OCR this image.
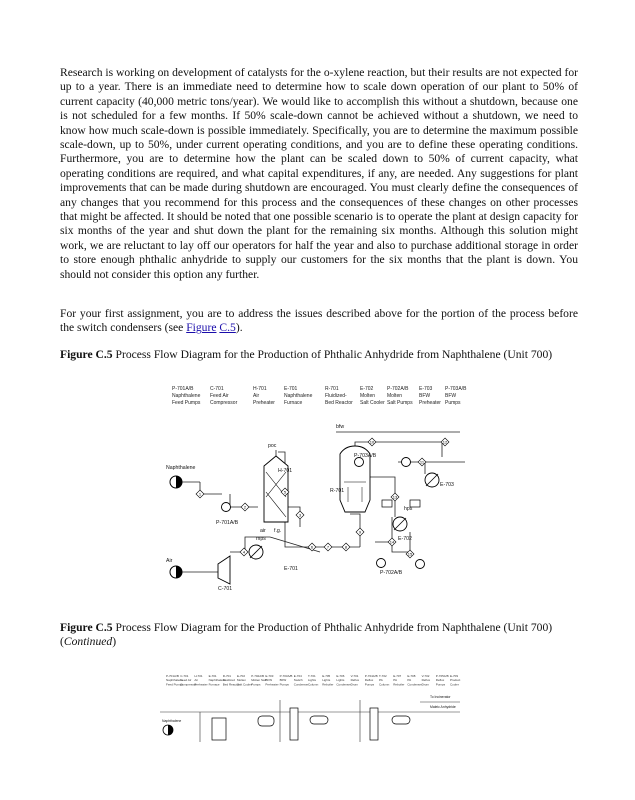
Research is working on development of catalysts for the o-xylene reaction, but their results are not expected for up to a year. There is an immediate need to determine how to scale down operation of our plant to 50% of current capacity (40,000 metric tons/year). We would like to accomplish this without a shutdown, because one is not scheduled for a few months. If 50% scale-down cannot be achieved without a shutdown, we need to know how much scale-down is possible immediately. Specifically, you are to determine the maximum possible scale-down, up to 50%, under current operating conditions, and you are to define these operating conditions. Furthermore, you are to determine how the plant can be scaled down to 50% of current capacity, what operating conditions are required, and what capital expenditures, if any, are needed. Any suggestions for plant improvements that can be made during shutdown are encouraged. You must clearly define the consequences of any changes that you recommend for this process and the consequences of these changes on other processes that might be affected. It should be noted that one possible scenario is to operate the plant at design capacity for six months of the year and shut down the plant for the remaining six months. Although this solution might work, we are reluctant to lay off our operators for half the year and also to purchase additional storage in order to store enough phthalic anhydride to supply our customers for the six months that the plant is down. You should not consider this option any further.

For your first assignment, you are to address the issues described above for the portion of the process before the switch condensers (see Figure C.5).

Figure C.5 Process Flow Diagram for the Production of Phthalic Anhydride from Naphthalene (Unit 700)

P-701A/B
Naphthalene
Feed Pumps
C-701
Feed Air
Compressor
H-701
Air
Preheater
E-701
Naphthalene
Furnace
R-701
Fluidized-
Bed Reactor
E-702
Molten
Salt Cooler
P-702A/B
Molten
Salt Pumps
E-703
BFW
Preheater
P-703A/B
BFW
Pumps
1
2
3
4
5
6	7	8
9
10
11
12
13
14
15
Naphthalene
Air
poc
bfw
H-701
R-701
E-701
C-701
E-702
E-703
P-701A/B
P-702A/B
P-703A/B
air f.g.
hps
mps

Figure C.5 Process Flow Diagram for the Production of Phthalic Anhydride from Naphthalene (Unit 700) (Continued)

P-701A/B
Naphthalene
Feed Pumps
C-701
Feed Air
Compressor
H-701
Air
Preheater
E-701
Naphthalene
Furnace
R-701
Fluidized
Bed Reactor
E-702
Molten
Salt Cooler
P-702A/B
Molten Salt
Pumps
E-703
BFW
Preheater
P-703A/B
BFW
Pumps
E-704
Switch
Condenser
T-701
Lights
Column
E-705
Lights
Reboiler
E-706
Lights
Condenser
V-701
Reflux
Drum
P-704A/B
Reflux
Pumps
T-702
PA
Column
E-707
PA
Reboiler
E-708
PA
Condenser
V-702
Reflux
Drum
P-705A/B
Reflux
Pumps
E-709
Product
Cooler
Naphthalene
To Incinerator
Maleic Anhydride
